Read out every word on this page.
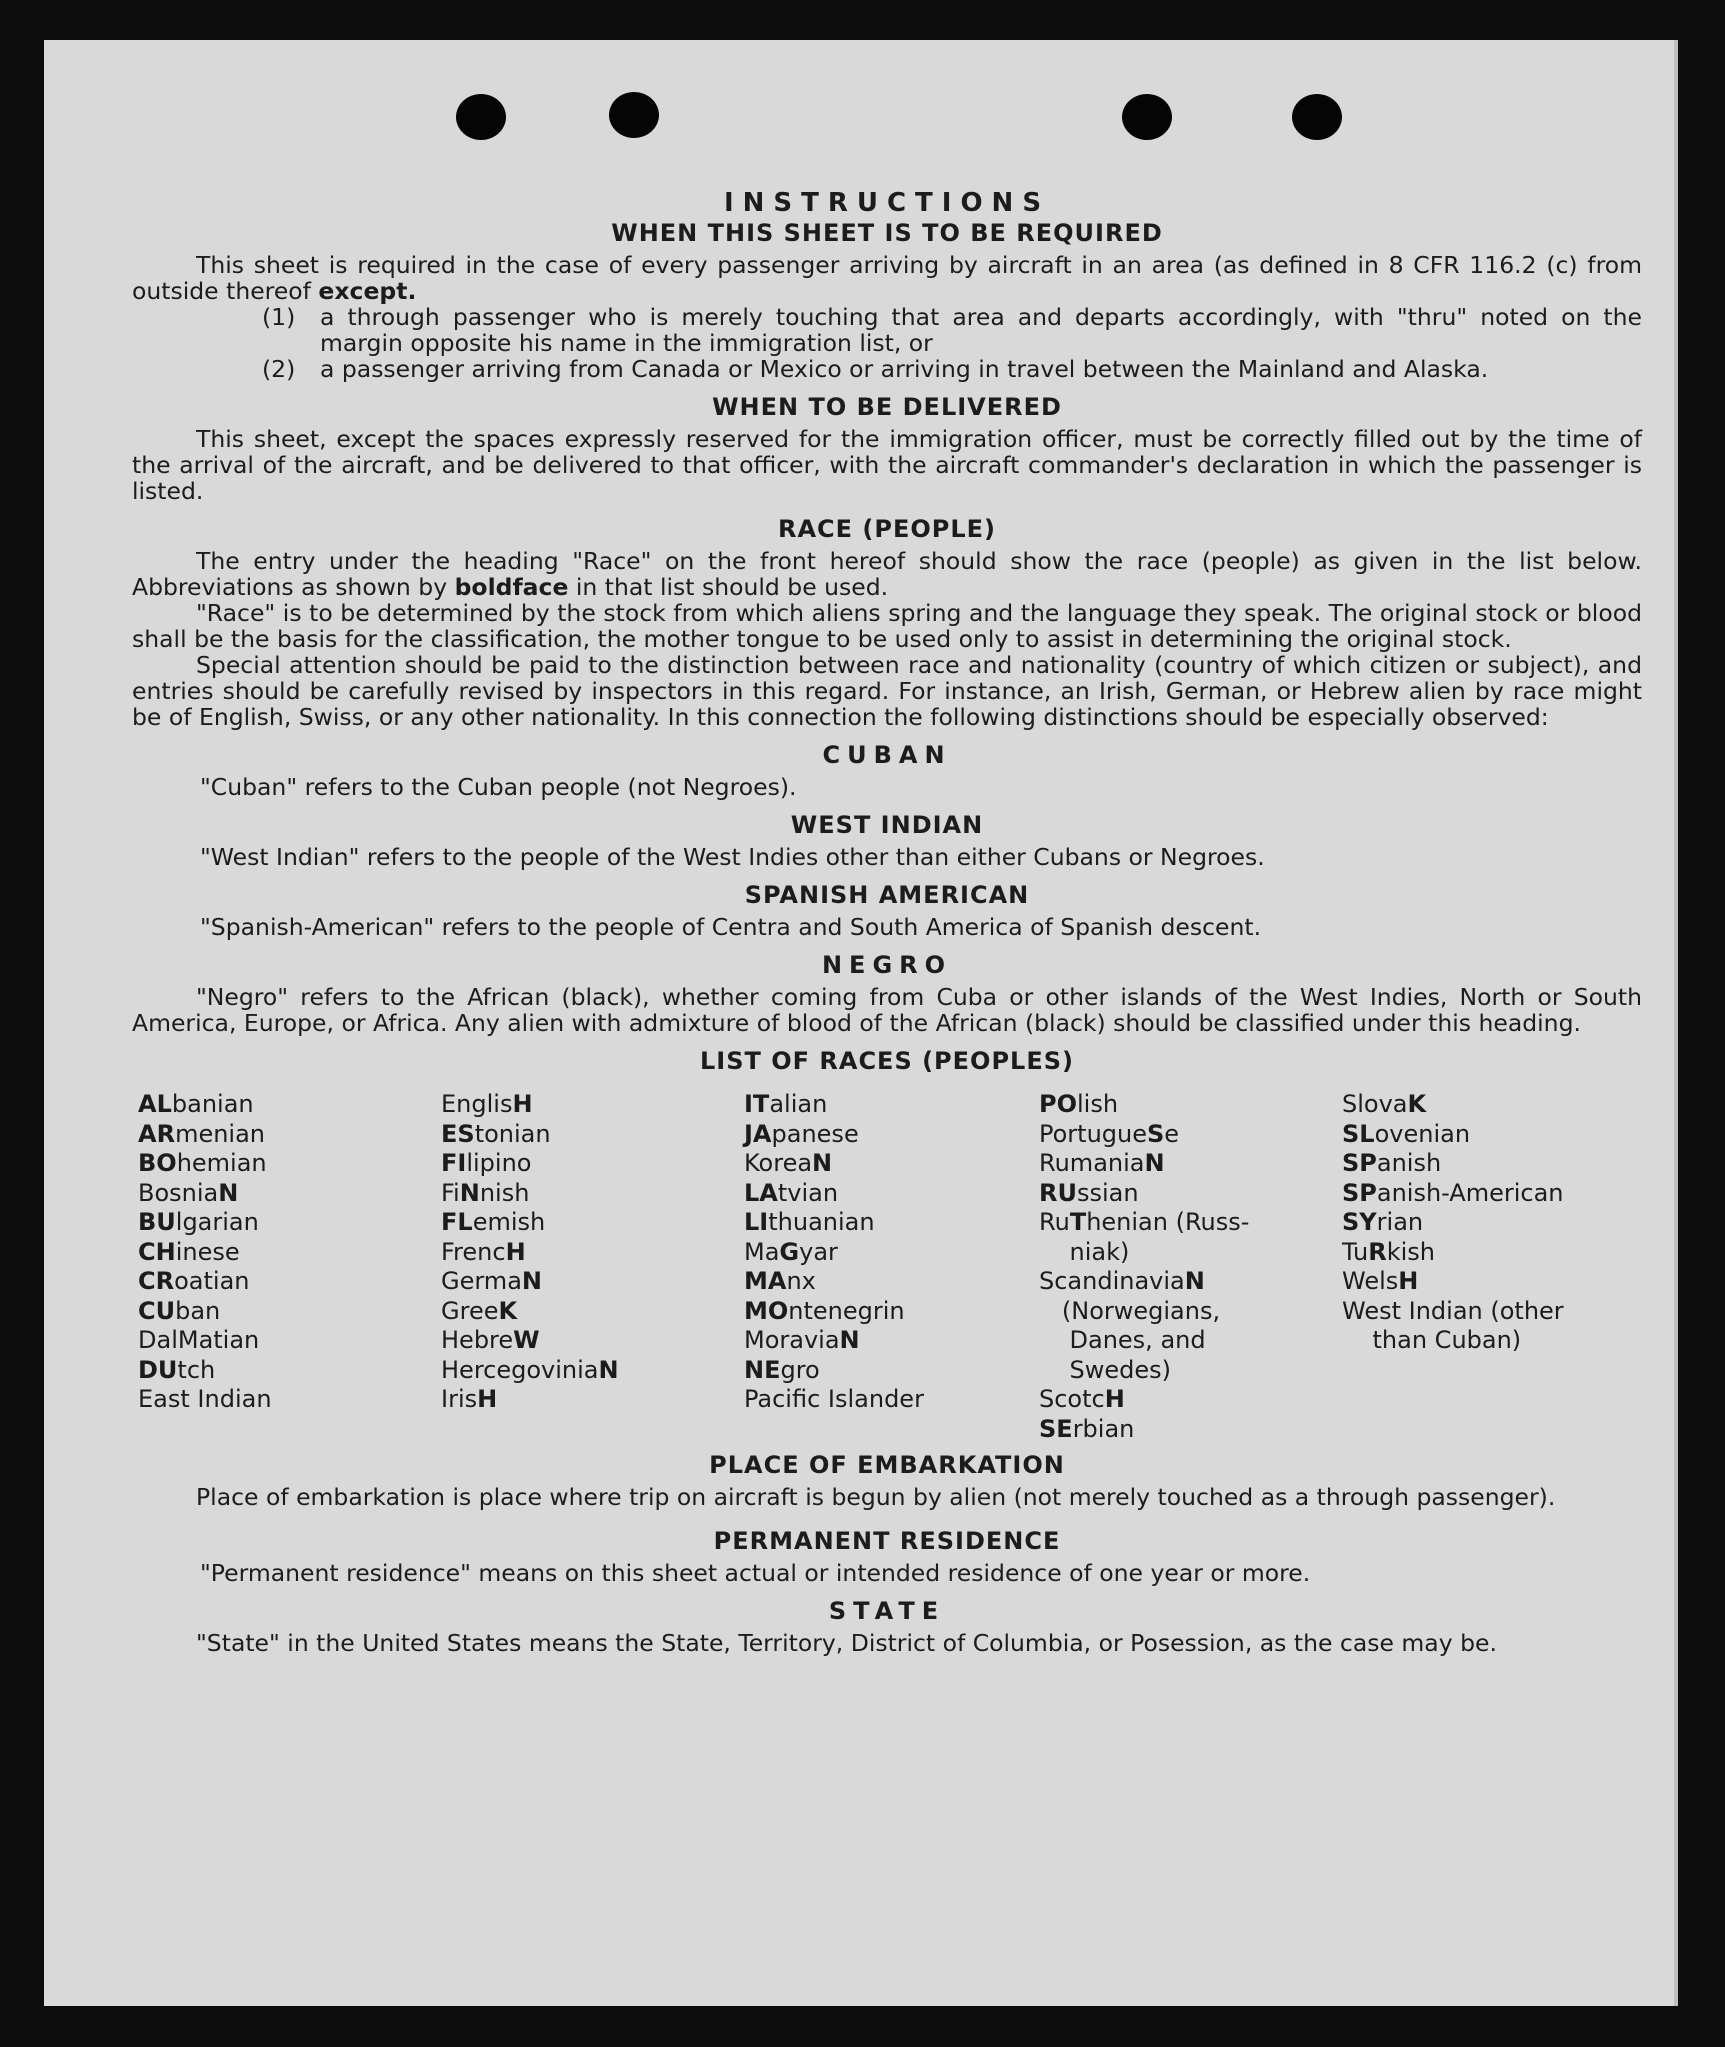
INSTRUCTIONS
WHEN THIS SHEET IS TO BE REQUIRED

This sheet is required in the case of every passenger arriving by aircraft in an area (as defined in 8 CFR 116.2 (c) from outside thereof except.

(1)	a through passenger who is merely touching that area and departs accordingly, with "thru" noted on the margin opposite his name in the immigration list, or
(2)	a passenger arriving from Canada or Mexico or arriving in travel between the Mainland and Alaska.
WHEN TO BE DELIVERED

This sheet, except the spaces expressly reserved for the immigration officer, must be correctly filled out by the time of the arrival of the aircraft, and be delivered to that officer, with the aircraft commander's declaration in which the passenger is listed.

RACE (PEOPLE)

The entry under the heading "Race" on the front hereof should show the race (people) as given in the list below. Abbreviations as shown by boldface in that list should be used.

"Race" is to be determined by the stock from which aliens spring and the language they speak. The original stock or blood shall be the basis for the classification, the mother tongue to be used only to assist in determining the original stock.

Special attention should be paid to the distinction between race and nationality (country of which citizen or subject), and entries should be carefully revised by inspectors in this regard. For instance, an Irish, German, or Hebrew alien by race might be of English, Swiss, or any other nationality. In this connection the following distinctions should be especially observed:

CUBAN

"Cuban" refers to the Cuban people (not Negroes).

WEST INDIAN

"West Indian" refers to the people of the West Indies other than either Cubans or Negroes.

SPANISH AMERICAN

"Spanish-American" refers to the people of Centra and South America of Spanish descent.

NEGRO

"Negro" refers to the African (black), whether coming from Cuba or other islands of the West Indies, North or South America, Europe, or Africa. Any alien with admixture of blood of the African (black) should be classified under this heading.

LIST OF RACES (PEOPLES)
ALbanian
ARmenian
BOhemian
BosniaN
BUlgarian
CHinese
CRoatian
CUban
DalMatian
DUtch
East Indian
EnglisH
EStonian
FIlipino
FiNnish
FLemish
FrencH
GermaN
GreeK
HebreW
HercegoviniaN
IrisH
ITalian
JApanese
KoreaN
LAtvian
LIthuanian
MaGyar
MAnx
MOntenegrin
MoraviaN
NEgro
Pacific Islander
POlish
PortugueSe
RumaniaN
RUssian
RuThenian (Russ-
niak)
ScandinaviaN
(Norwegians,
Danes, and
Swedes)
ScotcH
SErbian
SlovaK
SLovenian
SPanish
SPanish-American
SYrian
TuRkish
WelsH
West Indian (other
than Cuban)
PLACE OF EMBARKATION

Place of embarkation is place where trip on aircraft is begun by alien (not merely touched as a through passenger).

PERMANENT RESIDENCE

"Permanent residence" means on this sheet actual or intended residence of one year or more.

STATE

"State" in the United States means the State, Territory, District of Columbia, or Posession, as the case may be.
